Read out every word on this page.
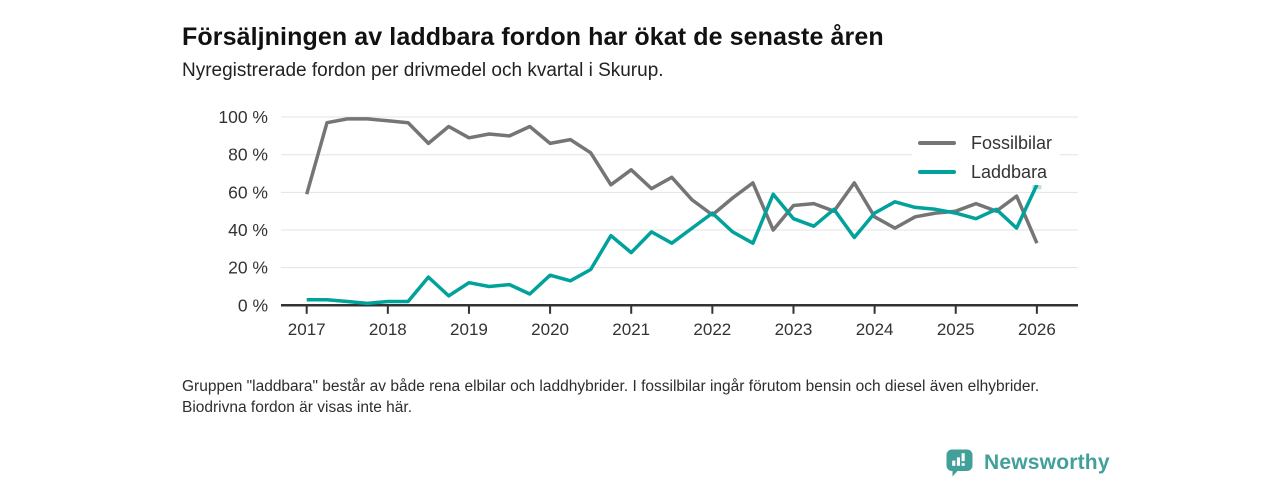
Försäljningen av laddbara fordon har ökat de senaste åren
Nyregistrerade fordon per drivmedel och kvartal i Skurup.
100 %
80 %
60 %
40 %
20 %
0 %
2017	2018	2019	2020	2021	2022	2023	2024	2025	2026
Fossilbilar
Laddbara
Gruppen "laddbara" består av både rena elbilar och laddhybrider. I fossilbilar ingår förutom bensin och diesel även elhybrider. Biodrivna fordon är visas inte här.
Newsworthy
